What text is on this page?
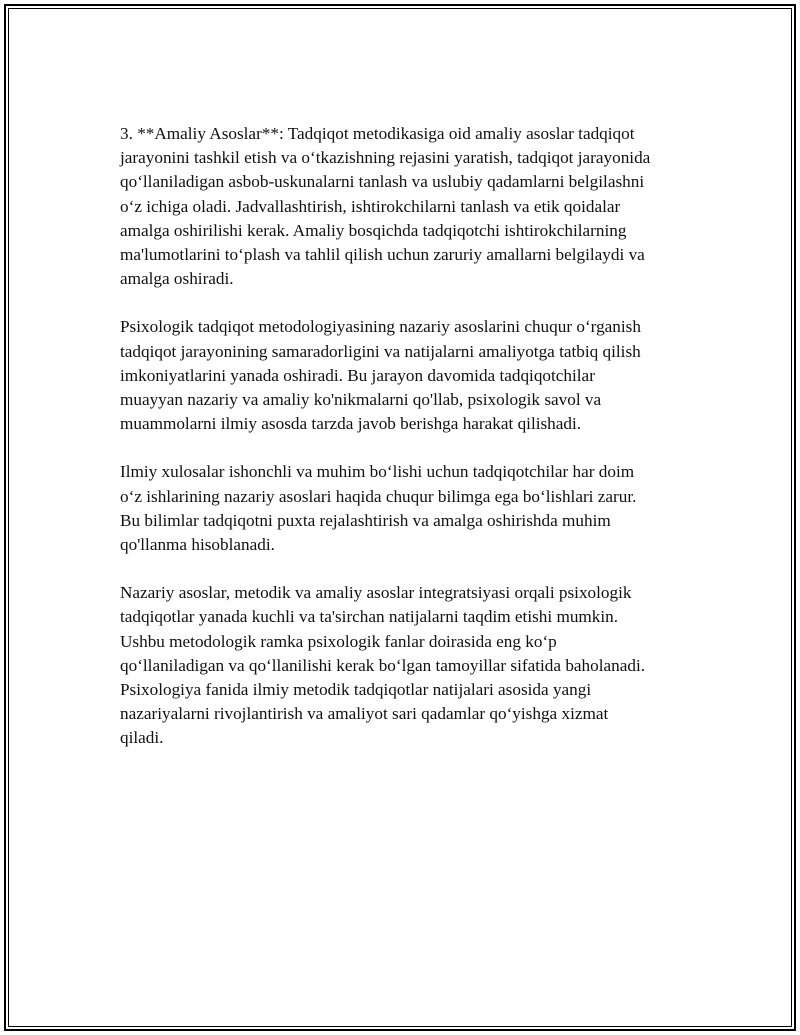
3. **Amaliy Asoslar**: Tadqiqot metodikasiga oid amaliy asoslar tadqiqot
jarayonini tashkil etish va o‘tkazishning rejasini yaratish, tadqiqot jarayonida
qo‘llaniladigan asbob-uskunalarni tanlash va uslubiy qadamlarni belgilashni
o‘z ichiga oladi. Jadvallashtirish, ishtirokchilarni tanlash va etik qoidalar
amalga oshirilishi kerak. Amaliy bosqichda tadqiqotchi ishtirokchilarning
ma'lumotlarini to‘plash va tahlil qilish uchun zaruriy amallarni belgilaydi va
amalga oshiradi.

Psixologik tadqiqot metodologiyasining nazariy asoslarini chuqur o‘rganish
tadqiqot jarayonining samaradorligini va natijalarni amaliyotga tatbiq qilish
imkoniyatlarini yanada oshiradi. Bu jarayon davomida tadqiqotchilar
muayyan nazariy va amaliy ko'nikmalarni qo'llab, psixologik savol va
muammolarni ilmiy asosda tarzda javob berishga harakat qilishadi.

Ilmiy xulosalar ishonchli va muhim bo‘lishi uchun tadqiqotchilar har doim
o‘z ishlarining nazariy asoslari haqida chuqur bilimga ega bo‘lishlari zarur.
Bu bilimlar tadqiqotni puxta rejalashtirish va amalga oshirishda muhim
qo'llanma hisoblanadi.

Nazariy asoslar, metodik va amaliy asoslar integratsiyasi orqali psixologik
tadqiqotlar yanada kuchli va ta'sirchan natijalarni taqdim etishi mumkin.
Ushbu metodologik ramka psixologik fanlar doirasida eng ko‘p
qo‘llaniladigan va qo‘llanilishi kerak bo‘lgan tamoyillar sifatida baholanadi.
Psixologiya fanida ilmiy metodik tadqiqotlar natijalari asosida yangi
nazariyalarni rivojlantirish va amaliyot sari qadamlar qo‘yishga xizmat
qiladi.
